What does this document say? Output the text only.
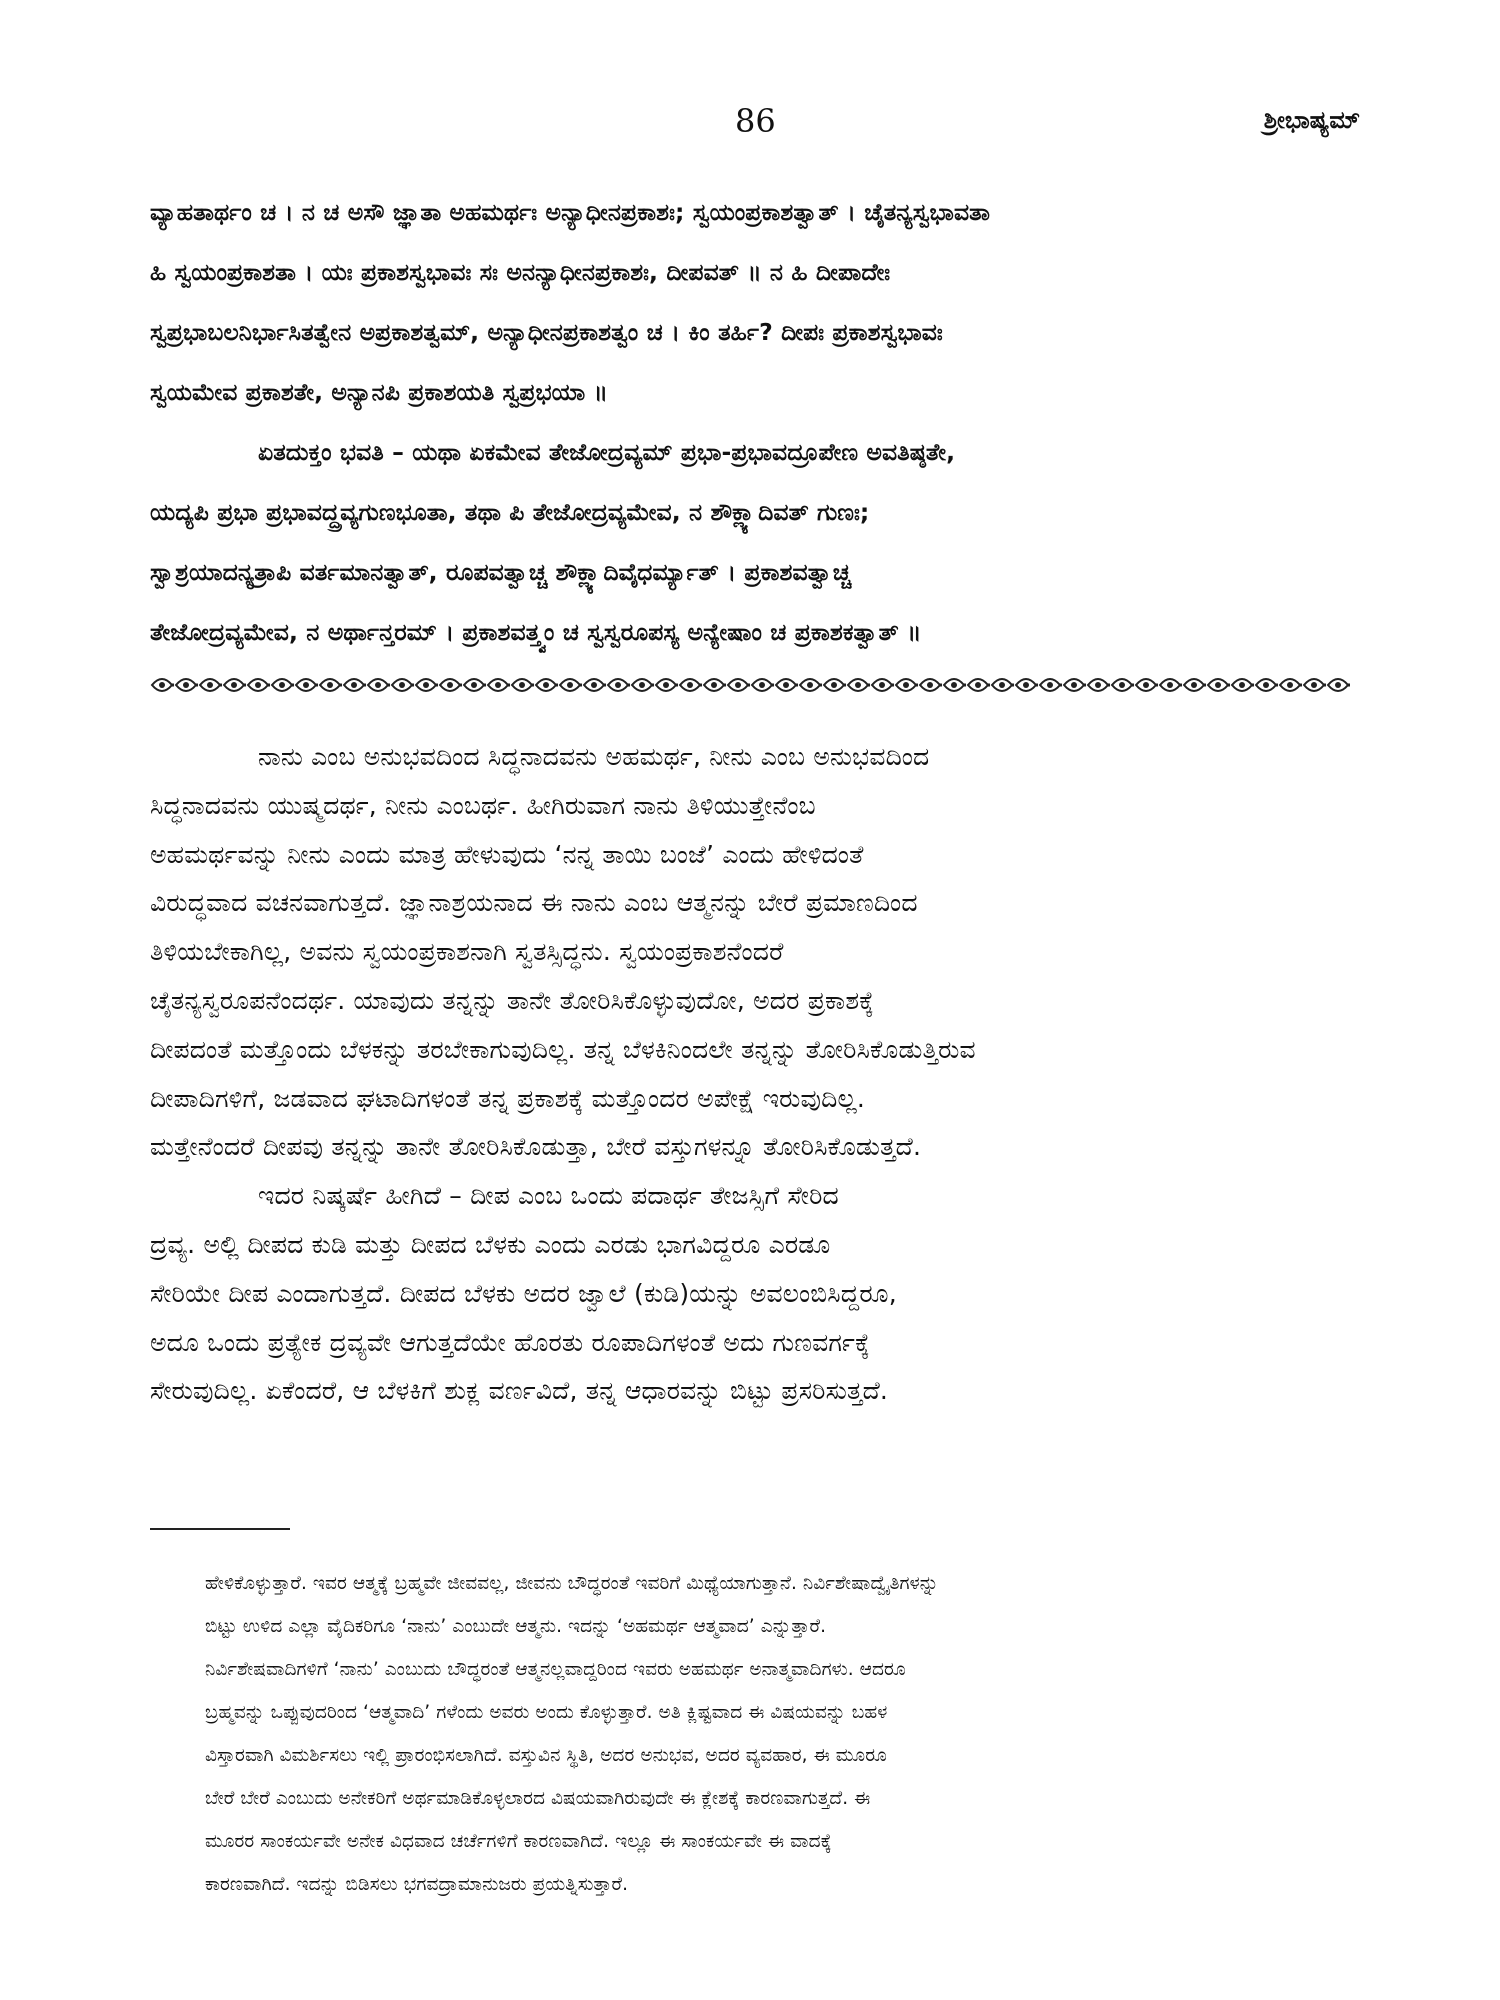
86	ಶ್ರೀಭಾಷ್ಯಮ್
ವ್ಯಾಹತಾರ್ಥಂ ಚ । ನ ಚ ಅಸೌ ಜ್ಞಾತಾ ಅಹಮರ್ಥಃ ಅನ್ಯಾಧೀನಪ್ರಕಾಶಃ; ಸ್ವಯಂಪ್ರಕಾಶತ್ವಾತ್ । ಚೈತನ್ಯಸ್ವಭಾವತಾ
ಹಿ ಸ್ವಯಂಪ್ರಕಾಶತಾ । ಯಃ ಪ್ರಕಾಶಸ್ವಭಾವಃ ಸಃ ಅನನ್ಯಾಧೀನಪ್ರಕಾಶಃ, ದೀಪವತ್ ॥ ನ ಹಿ ದೀಪಾದೇಃ
ಸ್ವಪ್ರಭಾಬಲನಿರ್ಭಾಸಿತತ್ವೇನ ಅಪ್ರಕಾಶತ್ವಮ್, ಅನ್ಯಾಧೀನಪ್ರಕಾಶತ್ವಂ ಚ । ಕಿಂ ತರ್ಹಿ? ದೀಪಃ ಪ್ರಕಾಶಸ್ವಭಾವಃ
ಸ್ವಯಮೇವ ಪ್ರಕಾಶತೇ, ಅನ್ಯಾನಪಿ ಪ್ರಕಾಶಯತಿ ಸ್ವಪ್ರಭಯಾ ॥
ಏತದುಕ್ತಂ ಭವತಿ – ಯಥಾ ಏಕಮೇವ ತೇಜೋದ್ರವ್ಯಮ್ ಪ್ರಭಾ-ಪ್ರಭಾವದ್ರೂಪೇಣ ಅವತಿಷ್ಠತೇ,
ಯದ್ಯಪಿ ಪ್ರಭಾ ಪ್ರಭಾವದ್ದ್ರವ್ಯಗುಣಭೂತಾ, ತಥಾ ಪಿ ತೇಜೋದ್ರವ್ಯಮೇವ, ನ ಶೌಕ್ಲ್ಯಾದಿವತ್ ಗುಣಃ;
ಸ್ವಾಶ್ರಯಾದನ್ಯತ್ರಾಪಿ ವರ್ತಮಾನತ್ವಾತ್, ರೂಪವತ್ವಾಚ್ಚ ಶೌಕ್ಲ್ಯಾದಿವೈಧರ್ಮ್ಯಾತ್ । ಪ್ರಕಾಶವತ್ವಾಚ್ಚ
ತೇಜೋದ್ರವ್ಯಮೇವ, ನ ಅರ್ಥಾನ್ತರಮ್ । ಪ್ರಕಾಶವತ್ತ್ವಂ ಚ ಸ್ವಸ್ವರೂಪಸ್ಯ ಅನ್ಯೇಷಾಂ ಚ ಪ್ರಕಾಶಕತ್ವಾತ್ ॥
ನಾನು ಎಂಬ ಅನುಭವದಿಂದ ಸಿದ್ಧನಾದವನು ಅಹಮರ್ಥ, ನೀನು ಎಂಬ ಅನುಭವದಿಂದ
ಸಿದ್ಧನಾದವನು ಯುಷ್ಮದರ್ಥ, ನೀನು ಎಂಬರ್ಥ. ಹೀಗಿರುವಾಗ ನಾನು ತಿಳಿಯುತ್ತೇನೆಂಬ
ಅಹಮರ್ಥವನ್ನು ನೀನು ಎಂದು ಮಾತ್ರ ಹೇಳುವುದು ‘ನನ್ನ ತಾಯಿ ಬಂಜೆ’ ಎಂದು ಹೇಳಿದಂತೆ
ವಿರುದ್ಧವಾದ ವಚನವಾಗುತ್ತದೆ. ಜ್ಞಾನಾಶ್ರಯನಾದ ಈ ನಾನು ಎಂಬ ಆತ್ಮನನ್ನು ಬೇರೆ ಪ್ರಮಾಣದಿಂದ
ತಿಳಿಯಬೇಕಾಗಿಲ್ಲ, ಅವನು ಸ್ವಯಂಪ್ರಕಾಶನಾಗಿ ಸ್ವತಸ್ಸಿದ್ಧನು. ಸ್ವಯಂಪ್ರಕಾಶನೆಂದರೆ
ಚೈತನ್ಯಸ್ವರೂಪನೆಂದರ್ಥ. ಯಾವುದು ತನ್ನನ್ನು ತಾನೇ ತೋರಿಸಿಕೊಳ್ಳುವುದೋ, ಅದರ ಪ್ರಕಾಶಕ್ಕೆ
ದೀಪದಂತೆ ಮತ್ತೊಂದು ಬೆಳಕನ್ನು ತರಬೇಕಾಗುವುದಿಲ್ಲ. ತನ್ನ ಬೆಳಕಿನಿಂದಲೇ ತನ್ನನ್ನು ತೋರಿಸಿಕೊಡುತ್ತಿರುವ
ದೀಪಾದಿಗಳಿಗೆ, ಜಡವಾದ ಘಟಾದಿಗಳಂತೆ ತನ್ನ ಪ್ರಕಾಶಕ್ಕೆ ಮತ್ತೊಂದರ ಅಪೇಕ್ಷೆ ಇರುವುದಿಲ್ಲ.
ಮತ್ತೇನೆಂದರೆ ದೀಪವು ತನ್ನನ್ನು ತಾನೇ ತೋರಿಸಿಕೊಡುತ್ತಾ, ಬೇರೆ ವಸ್ತುಗಳನ್ನೂ ತೋರಿಸಿಕೊಡುತ್ತದೆ.
ಇದರ ನಿಷ್ಕರ್ಷೆ ಹೀಗಿದೆ – ದೀಪ ಎಂಬ ಒಂದು ಪದಾರ್ಥ ತೇಜಸ್ಸಿಗೆ ಸೇರಿದ
ದ್ರವ್ಯ. ಅಲ್ಲಿ ದೀಪದ ಕುಡಿ ಮತ್ತು ದೀಪದ ಬೆಳಕು ಎಂದು ಎರಡು ಭಾಗವಿದ್ದರೂ ಎರಡೂ
ಸೇರಿಯೇ ದೀಪ ಎಂದಾಗುತ್ತದೆ. ದೀಪದ ಬೆಳಕು ಅದರ ಜ್ವಾಲೆ (ಕುಡಿ)ಯನ್ನು ಅವಲಂಬಿಸಿದ್ದರೂ,
ಅದೂ ಒಂದು ಪ್ರತ್ಯೇಕ ದ್ರವ್ಯವೇ ಆಗುತ್ತದೆಯೇ ಹೊರತು ರೂಪಾದಿಗಳಂತೆ ಅದು ಗುಣವರ್ಗಕ್ಕೆ
ಸೇರುವುದಿಲ್ಲ. ಏಕೆಂದರೆ, ಆ ಬೆಳಕಿಗೆ ಶುಕ್ಲ ವರ್ಣವಿದೆ, ತನ್ನ ಆಧಾರವನ್ನು ಬಿಟ್ಟು ಪ್ರಸರಿಸುತ್ತದೆ.
ಹೇಳಿಕೊಳ್ಳುತ್ತಾರೆ. ಇವರ ಆತ್ಮಕ್ಕೆ ಬ್ರಹ್ಮವೇ ಜೀವವಲ್ಲ, ಜೀವನು ಬೌದ್ಧರಂತೆ ಇವರಿಗೆ ಮಿಥ್ಯೆಯಾಗುತ್ತಾನೆ. ನಿರ್ವಿಶೇಷಾದ್ವೈತಿಗಳನ್ನು
ಬಿಟ್ಟು ಉಳಿದ ಎಲ್ಲಾ ವೈದಿಕರಿಗೂ ‘ನಾನು’ ಎಂಬುದೇ ಆತ್ಮನು. ಇದನ್ನು ‘ಅಹಮರ್ಥ ಆತ್ಮವಾದ’ ಎನ್ನುತ್ತಾರೆ.
ನಿರ್ವಿಶೇಷವಾದಿಗಳಿಗೆ ‘ನಾನು’ ಎಂಬುದು ಬೌದ್ಧರಂತೆ ಆತ್ಮನಲ್ಲವಾದ್ದರಿಂದ ಇವರು ಅಹಮರ್ಥ ಅನಾತ್ಮವಾದಿಗಳು. ಆದರೂ
ಬ್ರಹ್ಮವನ್ನು ಒಪ್ಪುವುದರಿಂದ ‘ಆತ್ಮವಾದಿ’ ಗಳೆಂದು ಅವರು ಅಂದು ಕೊಳ್ಳುತ್ತಾರೆ. ಅತಿ ಕ್ಲಿಷ್ಟವಾದ ಈ ವಿಷಯವನ್ನು ಬಹಳ
ವಿಸ್ತಾರವಾಗಿ ವಿಮರ್ಶಿಸಲು ಇಲ್ಲಿ ಪ್ರಾರಂಭಿಸಲಾಗಿದೆ. ವಸ್ತುವಿನ ಸ್ಥಿತಿ, ಅದರ ಅನುಭವ, ಅದರ ವ್ಯವಹಾರ, ಈ ಮೂರೂ
ಬೇರೆ ಬೇರೆ ಎಂಬುದು ಅನೇಕರಿಗೆ ಅರ್ಥಮಾಡಿಕೊಳ್ಳಲಾರದ ವಿಷಯವಾಗಿರುವುದೇ ಈ ಕ್ಲೇಶಕ್ಕೆ ಕಾರಣವಾಗುತ್ತದೆ. ಈ
ಮೂರರ ಸಾಂಕರ್ಯವೇ ಅನೇಕ ವಿಧವಾದ ಚರ್ಚೆಗಳಿಗೆ ಕಾರಣವಾಗಿದೆ. ಇಲ್ಲೂ ಈ ಸಾಂಕರ್ಯವೇ ಈ ವಾದಕ್ಕೆ
ಕಾರಣವಾಗಿದೆ. ಇದನ್ನು ಬಿಡಿಸಲು ಭಗವದ್ರಾಮಾನುಜರು ಪ್ರಯತ್ನಿಸುತ್ತಾರೆ.
